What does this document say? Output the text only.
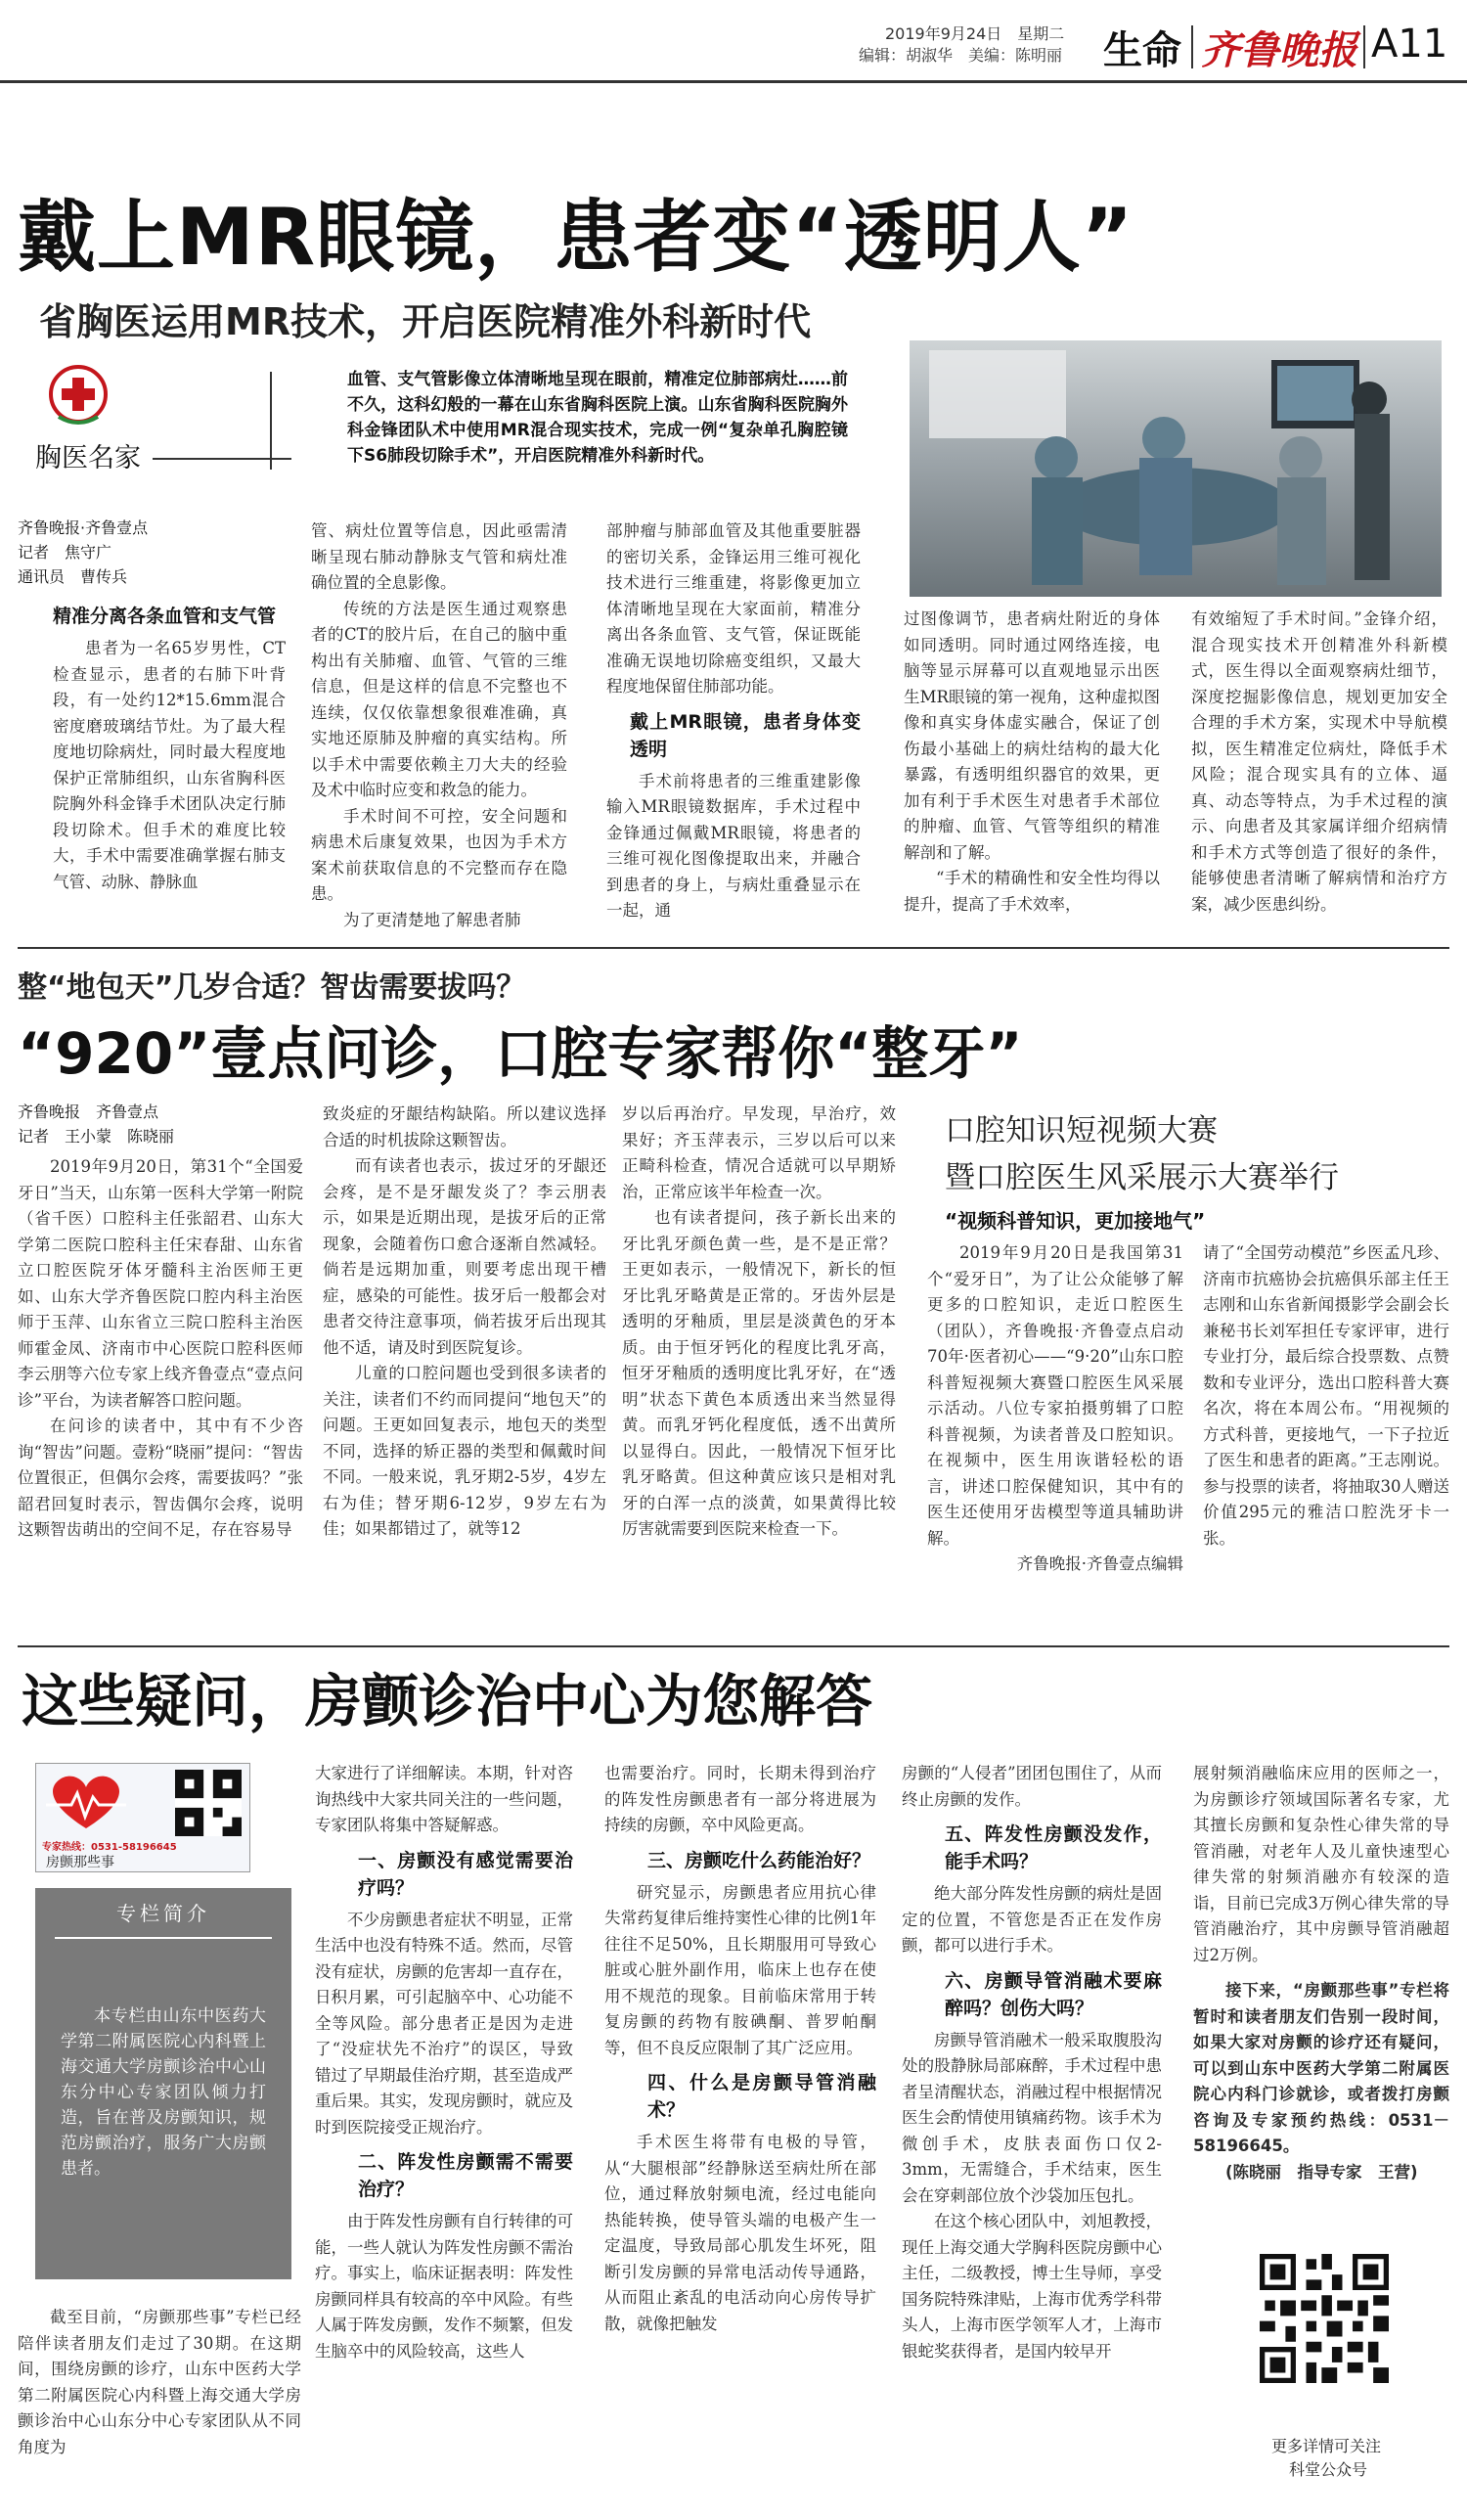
2019年9月24日　星期二
编辑：胡淑华　美编：陈明丽 生命 齐鲁晚报 A11
戴上MR眼镜，患者变“透明人”
省胸医运用MR技术，开启医院精准外科新时代
胸医名家
血管、支气管影像立体清晰地呈现在眼前，精准定位肺部病灶……前不久，这科幻般的一幕在山东省胸科医院上演。山东省胸科医院胸外科金锋团队术中使用MR混合现实技术，完成一例“复杂单孔胸腔镜下S6肺段切除手术”，开启医院精准外科新时代。
齐鲁晚报·齐鲁壹点
记者　焦守广
通讯员　曹传兵
精准分离各条血管和支气管

患者为一名65岁男性，CT检查显示，患者的右肺下叶背段，有一处约12*15.6mm混合密度磨玻璃结节灶。为了最大程度地切除病灶，同时最大程度地保护正常肺组织，山东省胸科医院胸外科金锋手术团队决定行肺段切除术。但手术的难度比较大，手术中需要准确掌握右肺支气管、动脉、静脉血

管、病灶位置等信息，因此亟需清晰呈现右肺动静脉支气管和病灶准确位置的全息影像。

传统的方法是医生通过观察患者的CT的胶片后，在自己的脑中重构出有关肺瘤、血管、气管的三维信息，但是这样的信息不完整也不连续，仅仅依靠想象很难准确，真实地还原肺及肿瘤的真实结构。所以手术中需要依赖主刀大夫的经验及术中临时应变和救急的能力。

手术时间不可控，安全问题和病患术后康复效果，也因为手术方案术前获取信息的不完整而存在隐患。

为了更清楚地了解患者肺

部肿瘤与肺部血管及其他重要脏器的密切关系，金锋运用三维可视化技术进行三维重建，将影像更加立体清晰地呈现在大家面前，精准分离出各条血管、支气管，保证既能准确无误地切除癌变组织，又最大程度地保留住肺部功能。

戴上MR眼镜，患者身体变透明

手术前将患者的三维重建影像输入MR眼镜数据库，手术过程中金锋通过佩戴MR眼镜，将患者的三维可视化图像提取出来，并融合到患者的身上，与病灶重叠显示在一起，通

过图像调节，患者病灶附近的身体如同透明。同时通过网络连接，电脑等显示屏幕可以直观地显示出医生MR眼镜的第一视角，这种虚拟图像和真实身体虚实融合，保证了创伤最小基础上的病灶结构的最大化暴露，有透明组织器官的效果，更加有利于手术医生对患者手术部位的肿瘤、血管、气管等组织的精准解剖和了解。

“手术的精确性和安全性均得以提升，提高了手术效率，

有效缩短了手术时间。”金锋介绍，混合现实技术开创精准外科新模式，医生得以全面观察病灶细节，深度挖掘影像信息，规划更加安全合理的手术方案，实现术中导航模拟，医生精准定位病灶，降低手术风险；混合现实具有的立体、逼真、动态等特点，为手术过程的演示、向患者及其家属详细介绍病情和手术方式等创造了很好的条件，能够使患者清晰了解病情和治疗方案，减少医患纠纷。

整“地包天”几岁合适？智齿需要拔吗？
“920”壹点问诊，口腔专家帮你“整牙”
齐鲁晚报　齐鲁壹点
记者　王小蒙　陈晓丽

2019年9月20日，第31个“全国爱牙日”当天，山东第一医科大学第一附院（省千医）口腔科主任张韶君、山东大学第二医院口腔科主任宋春甜、山东省立口腔医院牙体牙髓科主治医师王更如、山东大学齐鲁医院口腔内科主治医师于玉萍、山东省立三院口腔科主治医师霍金凤、济南市中心医院口腔科医师李云朋等六位专家上线齐鲁壹点“壹点问诊”平台，为读者解答口腔问题。

在问诊的读者中，其中有不少咨询“智齿”问题。壹粉“晓丽”提问：“智齿位置很正，但偶尔会疼，需要拔吗？”张韶君回复时表示，智齿偶尔会疼，说明这颗智齿萌出的空间不足，存在容易导

致炎症的牙龈结构缺陷。所以建议选择合适的时机拔除这颗智齿。

而有读者也表示，拔过牙的牙龈还会疼，是不是牙龈发炎了？李云朋表示，如果是近期出现，是拔牙后的正常现象，会随着伤口愈合逐渐自然减轻。倘若是远期加重，则要考虑出现干槽症，感染的可能性。拔牙后一般都会对患者交待注意事项，倘若拔牙后出现其他不适，请及时到医院复诊。

儿童的口腔问题也受到很多读者的关注，读者们不约而同提问“地包天”的问题。王更如回复表示，地包天的类型不同，选择的矫正器的类型和佩戴时间不同。一般来说，乳牙期2-5岁，4岁左右为佳；替牙期6-12岁，9岁左右为佳；如果都错过了，就等12

岁以后再治疗。早发现，早治疗，效果好；齐玉萍表示，三岁以后可以来正畸科检查，情况合适就可以早期矫治，正常应该半年检查一次。

也有读者提问，孩子新长出来的牙比乳牙颜色黄一些，是不是正常？王更如表示，一般情况下，新长的恒牙比乳牙略黄是正常的。牙齿外层是透明的牙釉质，里层是淡黄色的牙本质。由于恒牙钙化的程度比乳牙高，恒牙牙釉质的透明度比乳牙好，在“透明”状态下黄色本质透出来当然显得黄。而乳牙钙化程度低，透不出黄所以显得白。因此，一般情况下恒牙比乳牙略黄。但这种黄应该只是相对乳牙的白浑一点的淡黄，如果黄得比较厉害就需要到医院来检查一下。

口腔知识短视频大赛
暨口腔医生风采展示大赛举行
“视频科普知识，更加接地气”

2019年9月20日是我国第31个“爱牙日”，为了让公众能够了解更多的口腔知识，走近口腔医生（团队），齐鲁晚报·齐鲁壹点启动70年·医者初心——“9·20”山东口腔科普短视频大赛暨口腔医生风采展示活动。八位专家拍摄剪辑了口腔科普视频，为读者普及口腔知识。在视频中，医生用诙谐轻松的语言，讲述口腔保健知识，其中有的医生还使用牙齿模型等道具辅助讲解。

齐鲁晚报·齐鲁壹点编辑

请了“全国劳动模范”乡医孟凡珍、济南市抗癌协会抗癌俱乐部主任王志刚和山东省新闻摄影学会副会长兼秘书长刘军担任专家评审，进行专业打分，最后综合投票数、点赞数和专业评分，选出口腔科普大赛名次，将在本周公布。“用视频的方式科普，更接地气，一下子拉近了医生和患者的距离。”王志刚说。参与投票的读者，将抽取30人赠送价值295元的雅洁口腔洗牙卡一张。

这些疑问，房颤诊治中心为您解答
专家热线：0531-58196645
房颤那些事
专栏简介
本专栏由山东中医药大学第二附属医院心内科暨上海交通大学房颤诊治中心山东分中心专家团队倾力打造，旨在普及房颤知识，规范房颤治疗，服务广大房颤患者。

截至目前，“房颤那些事”专栏已经陪伴读者朋友们走过了30期。在这期间，围绕房颤的诊疗，山东中医药大学第二附属医院心内科暨上海交通大学房颤诊治中心山东分中心专家团队从不同角度为

大家进行了详细解读。本期，针对咨询热线中大家共同关注的一些问题，专家团队将集中答疑解惑。

一、房颤没有感觉需要治疗吗？

不少房颤患者症状不明显，正常生活中也没有特殊不适。然而，尽管没有症状，房颤的危害却一直存在，日积月累，可引起脑卒中、心功能不全等风险。部分患者正是因为走进了“没症状先不治疗”的误区，导致错过了早期最佳治疗期，甚至造成严重后果。其实，发现房颤时，就应及时到医院接受正规治疗。

二、阵发性房颤需不需要治疗？

由于阵发性房颤有自行转律的可能，一些人就认为阵发性房颤不需治疗。事实上，临床证据表明：阵发性房颤同样具有较高的卒中风险。有些人属于阵发房颤，发作不频繁，但发生脑卒中的风险较高，这些人

也需要治疗。同时，长期未得到治疗的阵发性房颤患者有一部分将进展为持续的房颤，卒中风险更高。

三、房颤吃什么药能治好？

研究显示，房颤患者应用抗心律失常药复律后维持窦性心律的比例1年往往不足50%，且长期服用可导致心脏或心脏外副作用，临床上也存在使用不规范的现象。目前临床常用于转复房颤的药物有胺碘酮、普罗帕酮等，但不良反应限制了其广泛应用。

四、什么是房颤导管消融术？

手术医生将带有电极的导管，从“大腿根部”经静脉送至病灶所在部位，通过释放射频电流，经过电能向热能转换，使导管头端的电极产生一定温度，导致局部心肌发生坏死，阻断引发房颤的异常电活动传导通路，从而阻止紊乱的电活动向心房传导扩散，就像把触发

房颤的“人侵者”团团包围住了，从而终止房颤的发作。

五、阵发性房颤没发作，能手术吗？

绝大部分阵发性房颤的病灶是固定的位置，不管您是否正在发作房颤，都可以进行手术。

六、房颤导管消融术要麻醉吗？创伤大吗？

房颤导管消融术一般采取腹股沟处的股静脉局部麻醉，手术过程中患者呈清醒状态，消融过程中根据情况医生会酌情使用镇痛药物。该手术为微创手术，皮肤表面伤口仅2-3mm，无需缝合，手术结束，医生会在穿刺部位放个沙袋加压包扎。

在这个核心团队中，刘旭教授，现任上海交通大学胸科医院房颤中心主任，二级教授，博士生导师，享受国务院特殊津贴，上海市优秀学科带头人，上海市医学领军人才，上海市银蛇奖获得者，是国内较早开

展射频消融临床应用的医师之一，为房颤诊疗领域国际著名专家，尤其擅长房颤和复杂性心律失常的导管消融，对老年人及儿童快速型心律失常的射频消融亦有较深的造诣，目前已完成3万例心律失常的导管消融治疗，其中房颤导管消融超过2万例。

接下来，“房颤那些事”专栏将暂时和读者朋友们告别一段时间，如果大家对房颤的诊疗还有疑问，可以到山东中医药大学第二附属医院心内科门诊就诊，或者拨打房颤咨询及专家预约热线：0531－58196645。

(陈晓丽　指导专家　王营)

更多详情可关注
科堂公众号
